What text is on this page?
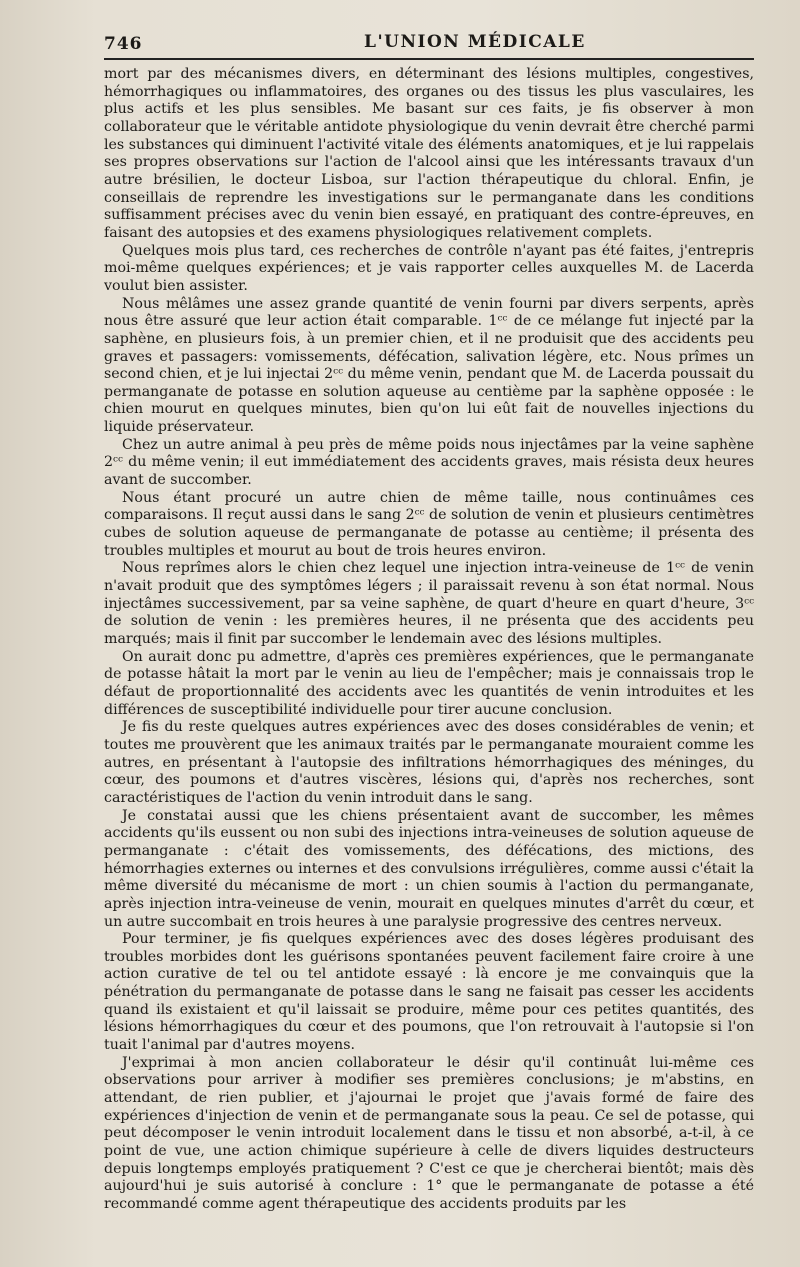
746	L'UNION MÉDICALE

mort par des mécanismes divers, en déterminant des lésions multiples, congestives, hémorrhagiques ou inflammatoires, des organes ou des tissus les plus vasculaires, les plus actifs et les plus sensibles. Me basant sur ces faits, je fis observer à mon collaborateur que le véritable antidote physiologique du venin devrait être cherché parmi les substances qui diminuent l'activité vitale des éléments anatomiques, et je lui rappelais ses propres observations sur l'action de l'alcool ainsi que les intéressants travaux d'un autre brésilien, le docteur Lisboa, sur l'action thérapeutique du chloral. Enfin, je conseillais de reprendre les investigations sur le permanganate dans les conditions suffisamment précises avec du venin bien essayé, en pratiquant des contre-épreuves, en faisant des autopsies et des examens physiologiques relativement complets.

Quelques mois plus tard, ces recherches de contrôle n'ayant pas été faites, j'entrepris moi-même quelques expériences; et je vais rapporter celles auxquelles M. de Lacerda voulut bien assister.

Nous mêlâmes une assez grande quantité de venin fourni par divers serpents, après nous être assuré que leur action était comparable. 1ᶜᶜ de ce mélange fut injecté par la saphène, en plusieurs fois, à un premier chien, et il ne produisit que des accidents peu graves et passagers: vomissements, défécation, salivation légère, etc. Nous prîmes un second chien, et je lui injectai 2ᶜᶜ du même venin, pendant que M. de Lacerda poussait du permanganate de potasse en solution aqueuse au centième par la saphène opposée : le chien mourut en quelques minutes, bien qu'on lui eût fait de nouvelles injections du liquide préservateur.

Chez un autre animal à peu près de même poids nous injectâmes par la veine saphène 2ᶜᶜ du même venin; il eut immédiatement des accidents graves, mais résista deux heures avant de succomber.

Nous étant procuré un autre chien de même taille, nous continuâmes ces comparaisons. Il reçut aussi dans le sang 2ᶜᶜ de solution de venin et plusieurs centimètres cubes de solution aqueuse de permanganate de potasse au centième; il présenta des troubles multiples et mourut au bout de trois heures environ.

Nous reprîmes alors le chien chez lequel une injection intra-veineuse de 1ᶜᶜ de venin n'avait produit que des symptômes légers ; il paraissait revenu à son état normal. Nous injectâmes successivement, par sa veine saphène, de quart d'heure en quart d'heure, 3ᶜᶜ de solution de venin : les premières heures, il ne présenta que des accidents peu marqués; mais il finit par succomber le lendemain avec des lésions multiples.

On aurait donc pu admettre, d'après ces premières expériences, que le permanganate de potasse hâtait la mort par le venin au lieu de l'empêcher; mais je connaissais trop le défaut de proportionnalité des accidents avec les quantités de venin introduites et les différences de susceptibilité individuelle pour tirer aucune conclusion.

Je fis du reste quelques autres expériences avec des doses considérables de venin; et toutes me prouvèrent que les animaux traités par le permanganate mouraient comme les autres, en présentant à l'autopsie des infiltrations hémorrhagiques des méninges, du cœur, des poumons et d'autres viscères, lésions qui, d'après nos recherches, sont caractéristiques de l'action du venin introduit dans le sang.

Je constatai aussi que les chiens présentaient avant de succomber, les mêmes accidents qu'ils eussent ou non subi des injections intra-veineuses de solution aqueuse de permanganate : c'était des vomissements, des défécations, des mictions, des hémorrhagies externes ou internes et des convulsions irrégulières, comme aussi c'était la même diversité du mécanisme de mort : un chien soumis à l'action du permanganate, après injection intra-veineuse de venin, mourait en quelques minutes d'arrêt du cœur, et un autre succombait en trois heures à une paralysie progressive des centres nerveux.

Pour terminer, je fis quelques expériences avec des doses légères produisant des troubles morbides dont les guérisons spontanées peuvent facilement faire croire à une action curative de tel ou tel antidote essayé : là encore je me convainquis que la pénétration du permanganate de potasse dans le sang ne faisait pas cesser les accidents quand ils existaient et qu'il laissait se produire, même pour ces petites quantités, des lésions hémorrhagiques du cœur et des poumons, que l'on retrouvait à l'autopsie si l'on tuait l'animal par d'autres moyens.

J'exprimai à mon ancien collaborateur le désir qu'il continuât lui-même ces observations pour arriver à modifier ses premières conclusions; je m'abstins, en attendant, de rien publier, et j'ajournai le projet que j'avais formé de faire des expériences d'injection de venin et de permanganate sous la peau. Ce sel de potasse, qui peut décomposer le venin introduit localement dans le tissu et non absorbé, a-t-il, à ce point de vue, une action chimique supérieure à celle de divers liquides destructeurs depuis longtemps employés pratiquement ? C'est ce que je chercherai bientôt; mais dès aujourd'hui je suis autorisé à conclure : 1° que le permanganate de potasse a été recommandé comme agent thérapeutique des accidents produits par les
